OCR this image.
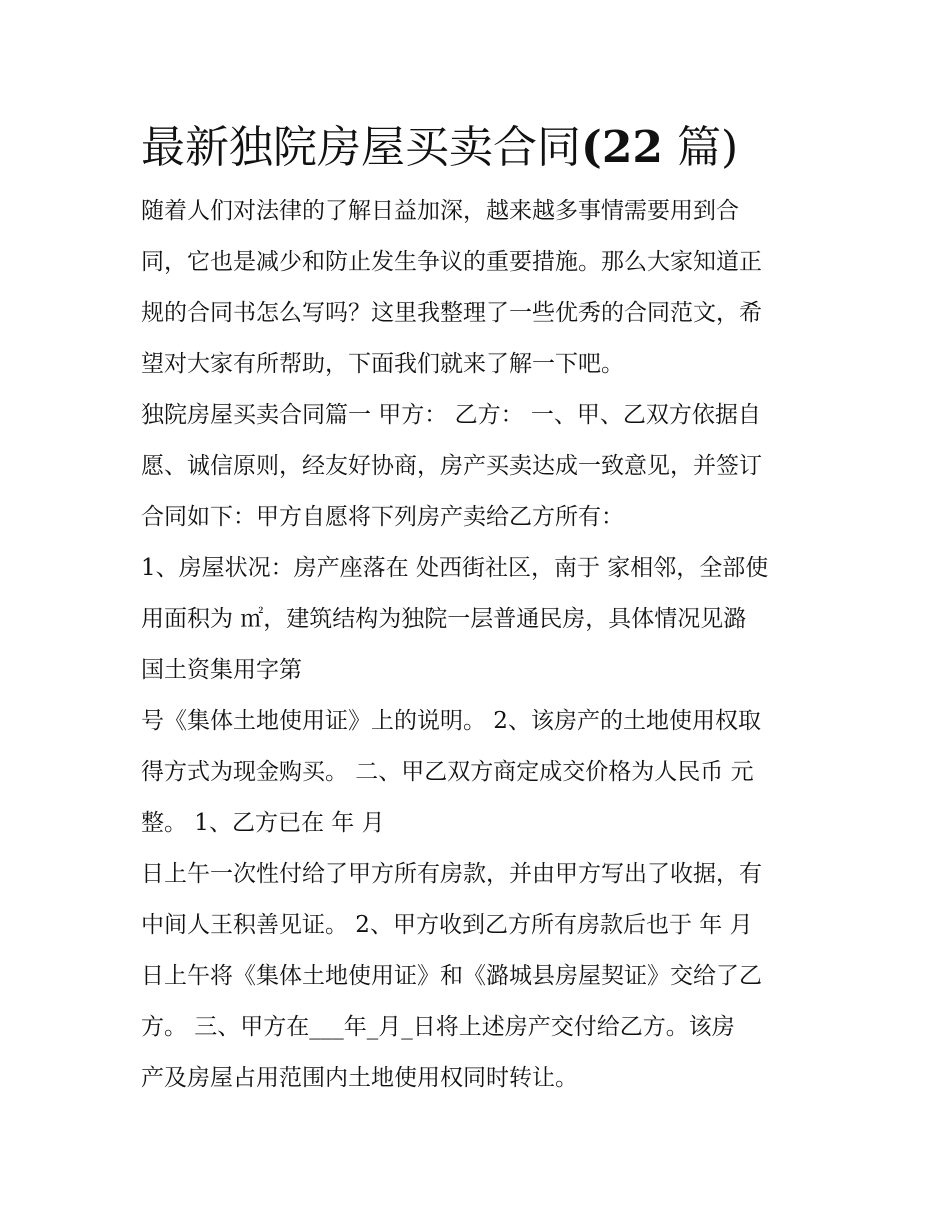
最新独院房屋买卖合同(22 篇)
随着人们对法律的了解日益加深，越来越多事情需要用到合
同，它也是减少和防止发生争议的重要措施。那么大家知道正
规的合同书怎么写吗？这里我整理了一些优秀的合同范文，希
望对大家有所帮助，下面我们就来了解一下吧。
独院房屋买卖合同篇一 甲方： 乙方： 一、甲、乙双方依据自
愿、诚信原则，经友好协商，房产买卖达成一致意见，并签订
合同如下：甲方自愿将下列房产卖给乙方所有：
1、房屋状况：房产座落在 处西街社区，南于 家相邻，全部使
用面积为 ㎡，建筑结构为独院一层普通民房，具体情况见潞
国土资集用字第
号《集体土地使用证》上的说明。 2、该房产的土地使用权取
得方式为现金购买。 二、甲乙双方商定成交价格为人民币 元
整。 1、乙方已在 年 月
日上午一次性付给了甲方所有房款，并由甲方写出了收据，有
中间人王积善见证。 2、甲方收到乙方所有房款后也于 年 月
日上午将《集体土地使用证》和《潞城县房屋契证》交给了乙
方。 三、甲方在___年_月_日将上述房产交付给乙方。该房
产及房屋占用范围内土地使用权同时转让。
